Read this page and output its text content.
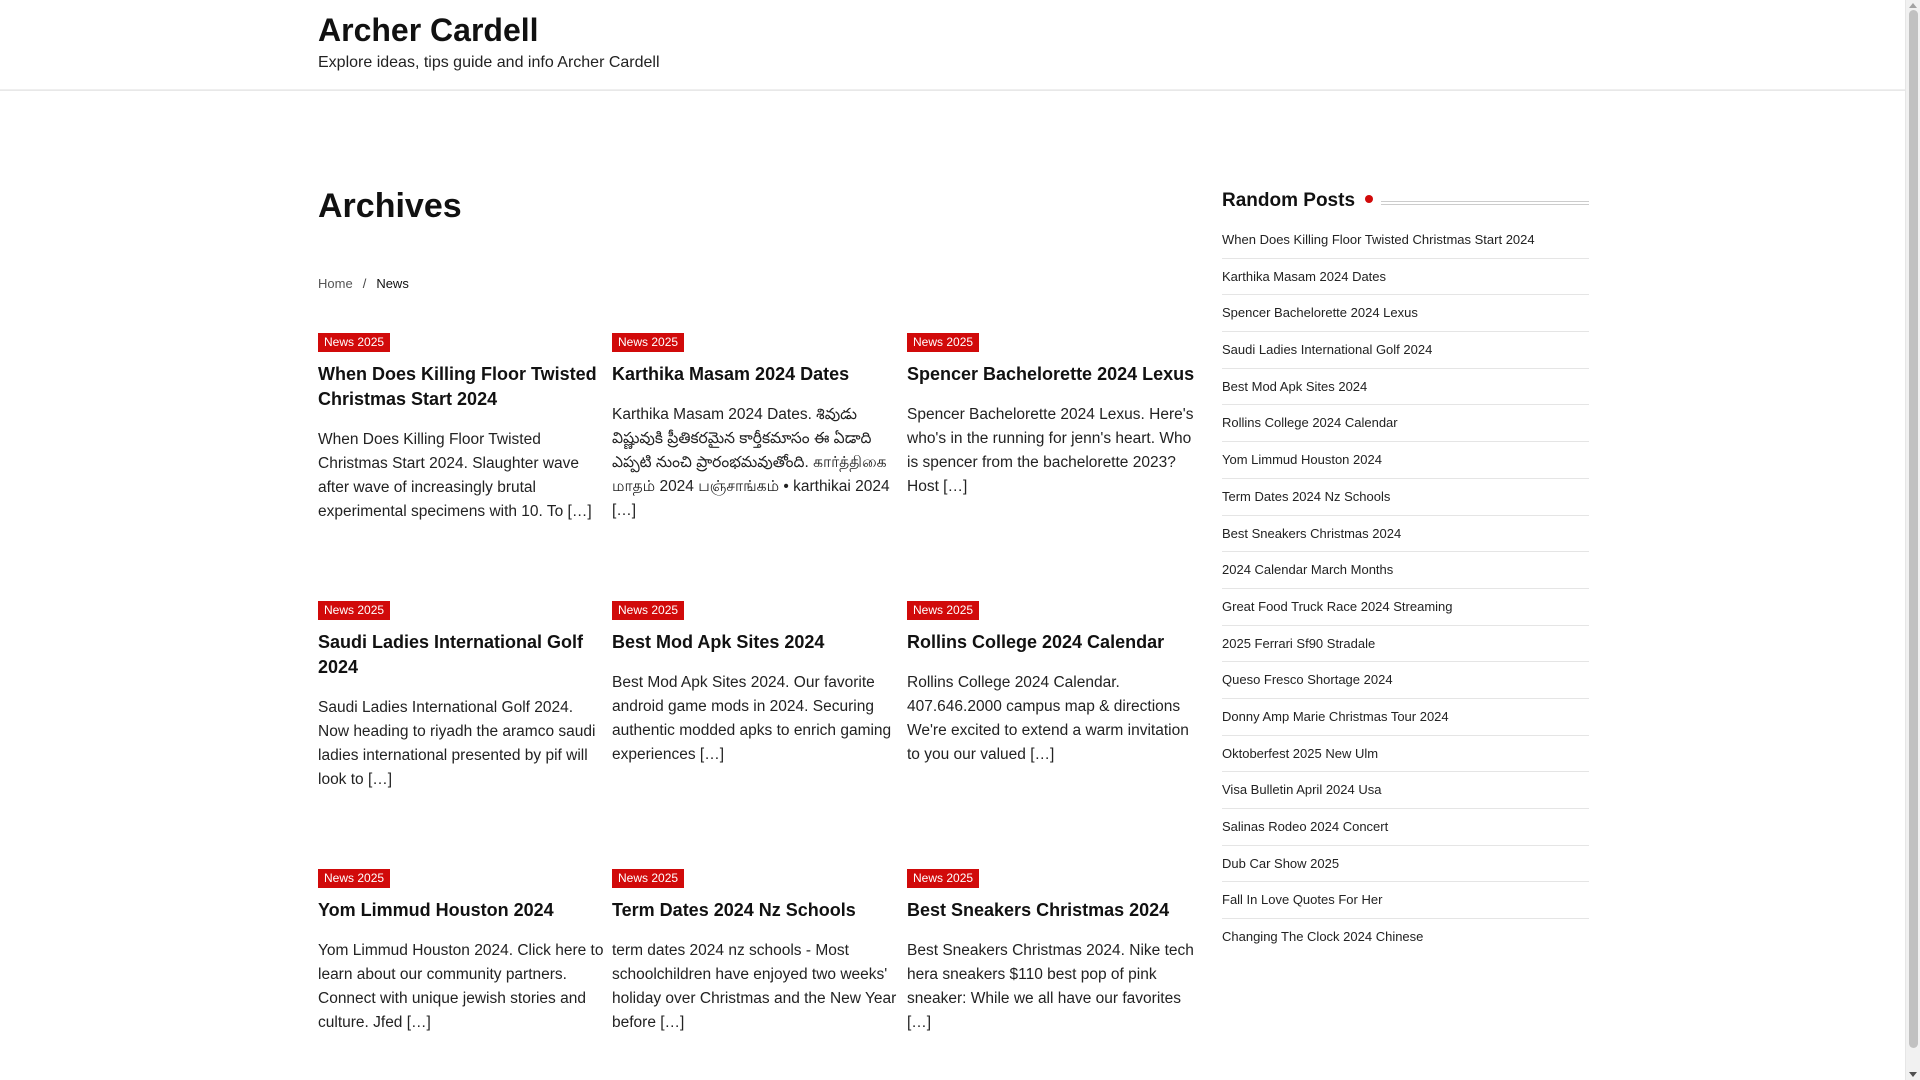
Archer Cardell

Explore ideas, tips guide and info Archer Cardell

Archives
Home / News
News 2025
When Does Killing Floor Twisted Christmas Start 2024

When Does Killing Floor Twisted Christmas Start 2024. Slaughter wave after wave of increasingly brutal experimental specimens with 10. To […]

News 2025
Karthika Masam 2024 Dates

Karthika Masam 2024 Dates. శివుడు విష్ణువుకి ప్రీతికరమైన కార్తీకమాసం ఈ ఏడాది ఎప్పటి నుంచి ప్రారంభమవుతోంది. கார்த்திகை மாதம் 2024 பஞ்சாங்கம் • karthikai 2024 […]

News 2025
Spencer Bachelorette 2024 Lexus

Spencer Bachelorette 2024 Lexus. Here's who's in the running for jenn's heart. Who is spencer from the bachelorette 2023? Host […]

News 2025
Saudi Ladies International Golf 2024

Saudi Ladies International Golf 2024. Now heading to riyadh the aramco saudi ladies international presented by pif will look to […]

News 2025
Best Mod Apk Sites 2024

Best Mod Apk Sites 2024. Our favorite android game mods in 2024. Securing authentic modded apks to enrich gaming experiences […]

News 2025
Rollins College 2024 Calendar

Rollins College 2024 Calendar. 407.646.2000 campus map & directions We're excited to extend a warm invitation to you our valued […]

News 2025
Yom Limmud Houston 2024

Yom Limmud Houston 2024. Click here to learn about our community partners. Connect with unique jewish stories and culture. Jfed […]

News 2025
Term Dates 2024 Nz Schools

term dates 2024 nz schools - Most schoolchildren have enjoyed two weeks' holiday over Christmas and the New Year before […]

News 2025
Best Sneakers Christmas 2024

Best Sneakers Christmas 2024. Nike tech hera sneakers $110 best pop of pink sneaker: While we all have our favorites […]

Random Posts
When Does Killing Floor Twisted Christmas Start 2024
Karthika Masam 2024 Dates
Spencer Bachelorette 2024 Lexus
Saudi Ladies International Golf 2024
Best Mod Apk Sites 2024
Rollins College 2024 Calendar
Yom Limmud Houston 2024
Term Dates 2024 Nz Schools
Best Sneakers Christmas 2024
2024 Calendar March Months
Great Food Truck Race 2024 Streaming
2025 Ferrari Sf90 Stradale
Queso Fresco Shortage 2024
Donny Amp Marie Christmas Tour 2024
Oktoberfest 2025 New Ulm
Visa Bulletin April 2024 Usa
Salinas Rodeo 2024 Concert
Dub Car Show 2025
Fall In Love Quotes For Her
Changing The Clock 2024 Chinese
